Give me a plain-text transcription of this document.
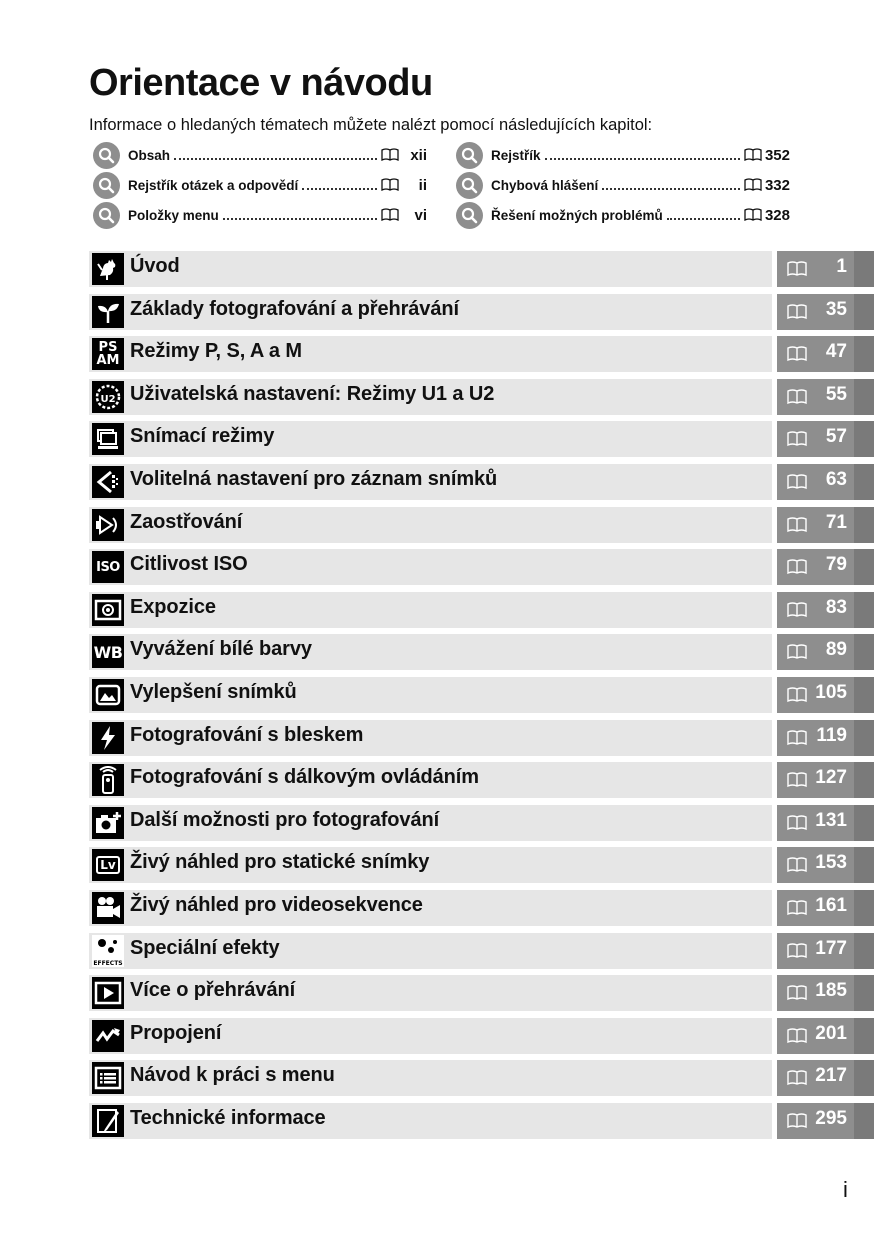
Orientace v návodu

Informace o hledaných tématech můžete nalézt pomocí následujících kapitol:

Obsah	xii
Rejstřík otázek a odpovědí	ii
Položky menu	vi
Rejstřík	352
Chybová hlášení	332
Řešení možných problémů	328
Úvod	1
Základy fotografování a přehrávání	35
PS
AM Režimy P, S, A a M	47
U2 Uživatelská nastavení: Režimy U1 a U2	55
Snímací režimy	57
Volitelná nastavení pro záznam snímků	63
Zaostřování	71
ISO Citlivost ISO	79
Expozice	83
WB Vyvážení bílé barvy	89
Vylepšení snímků	105
Fotografování s bleskem	119
Fotografování s dálkovým ovládáním	127
Další možnosti pro fotografování	131
Lv Živý náhled pro statické snímky	153
Živý náhled pro videosekvence	161
EFFECTS
Speciální efekty	177
Více o přehrávání	185
Propojení	201
Návod k práci s menu	217
Technické informace	295
i
